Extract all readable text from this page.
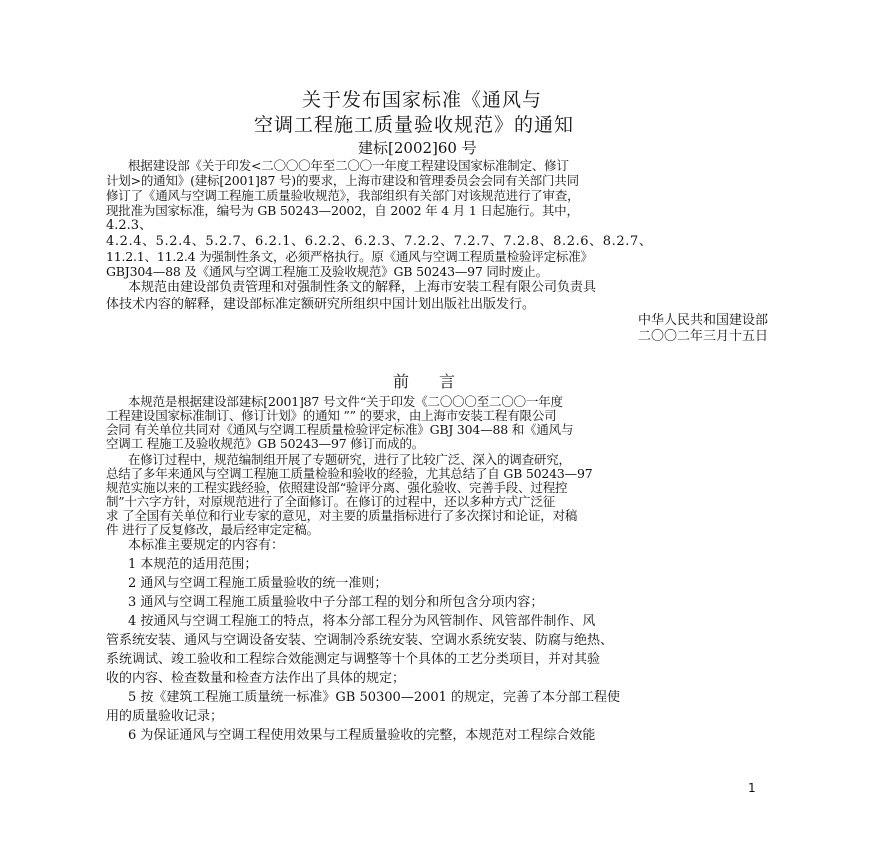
关于发布国家标准《通风与
空调工程施工质量验收规范》的通知
建标[2002]60 号
根据建设部《关于印发<二〇〇〇年至二〇〇一年度工程建设国家标准制定、修订
计划>的通知》(建标[2001]87 号)的要求，上海市建设和管理委员会会同有关部门共同
修订了《通风与空调工程施工质量验收规范》，我部组织有关部门对该规范进行了审查，
现批准为国家标准，编号为 GB 50243—2002，自 2002 年 4 月 1 日起施行。其中，
4.2.3、
4.2.4、5.2.4、5.2.7、6.2.1、6.2.2、6.2.3、7.2.2、7.2.7、7.2.8、8.2.6、8.2.7、
11.2.1、11.2.4 为强制性条文，必须严格执行。原《通风与空调工程质量检验评定标准》
GBJ304—88 及《通风与空调工程施工及验收规范》GB 50243—97 同时废止。
本规范由建设部负责管理和对强制性条文的解释，上海市安装工程有限公司负责具
体技术内容的解释，建设部标准定额研究所组织中国计划出版社出版发行。
中华人民共和国建设部
二〇〇二年三月十五日
前言
本规范是根据建设部建标[2001]87 号文件“关于印发《二〇〇〇至二〇〇一年度
工程建设国家标准制订、修订计划》的通知 ”” 的要求，由上海市安装工程有限公司
会同 有关单位共同对《通风与空调工程质量检验评定标准》GBJ 304—88 和《通风与
空调工 程施工及验收规范》GB 50243—97 修订而成的。
在修订过程中，规范编制组开展了专题研究，进行了比较广泛、深入的调查研究，
总结了多年来通风与空调工程施工质量检验和验收的经验，尤其总结了自 GB 50243—97
规范实施以来的工程实践经验，依照建设部“验评分离、强化验收、完善手段、过程控
制”十六字方针，对原规范进行了全面修订。在修订的过程中，还以多种方式广泛征
求 了全国有关单位和行业专家的意见，对主要的质量指标进行了多次探讨和论证，对稿
件 进行了反复修改，最后经审定定稿。
本标准主要规定的内容有：
1 本规范的适用范围；
2 通风与空调工程施工质量验收的统一准则；
3 通风与空调工程施工质量验收中子分部工程的划分和所包含分项内容；
4 按通风与空调工程施工的特点，将本分部工程分为风管制作、风管部件制作、风
管系统安装、通风与空调设备安装、空调制冷系统安装、空调水系统安装、防腐与绝热、
系统调试、竣工验收和工程综合效能测定与调整等十个具体的工艺分类项目，并对其验
收的内容、检查数量和检查方法作出了具体的规定；
5 按《建筑工程施工质量统一标准》GB 50300—2001 的规定，完善了本分部工程使
用的质量验收记录；
6 为保证通风与空调工程使用效果与工程质量验收的完整，本规范对工程综合效能
1
